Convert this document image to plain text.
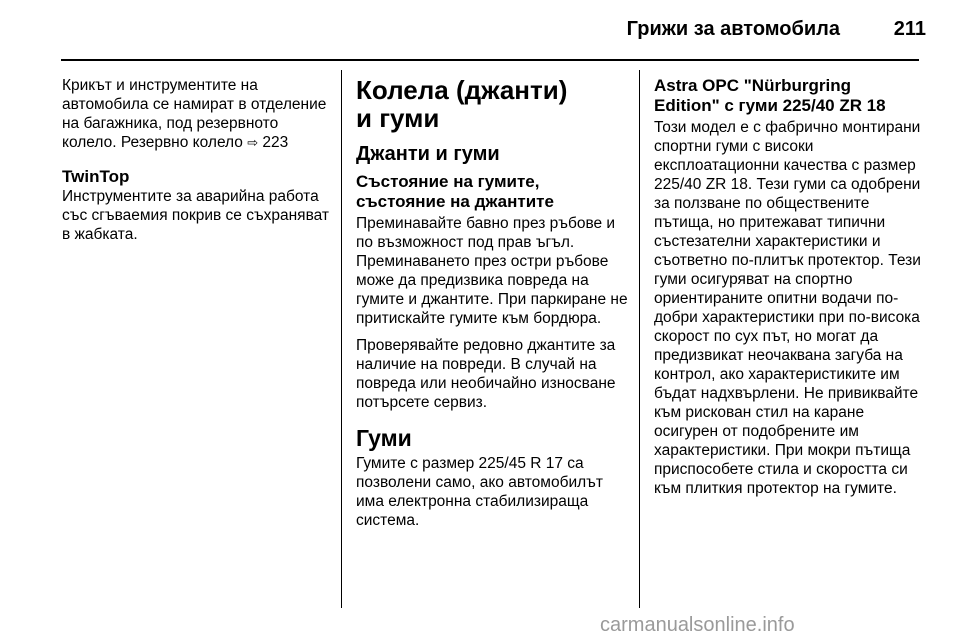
Грижи за автомобила	211

Крикът и инструментите на автомобила се намират в отделение на багажника, под резервното колело. Резервно колело ⇨ 223

TwinTop

Инструментите за аварийна работа със сгъваемия покрив се съхраняват в жабката.

Колела (джанти)
и гуми
Джанти и гуми
Състояние на гумите,
състояние на джантите

Преминавайте бавно през ръбове и по възможност под прав ъгъл. Преминаването през остри ръбове може да предизвика повреда на гумите и джантите. При паркиране не притискайте гумите към бордюра.

Проверявайте редовно джантите за наличие на повреди. В случай на повреда или необичайно износване потърсете сервиз.

Гуми

Гумите с размер 225/45 R 17 са позволени само, ако автомобилът има електронна стабилизираща система.

Astra OPC "Nürburgring
Edition" с гуми 225/40 ZR 18

Този модел е с фабрично монтирани спортни гуми с високи експлоатационни качества с размер 225/40 ZR 18. Тези гуми са одобрени за ползване по обществените пътища, но притежават типични състезателни характеристики и съответно по-плитък протектор. Тези гуми осигуряват на спортно ориентираните опитни водачи по-добри характеристики при по-висока скорост по сух път, но могат да предизвикат неочаквана загуба на контрол, ако характеристиките им бъдат надхвърлени. Не привиквайте към рискован стил на каране осигурен от подобрените им характеристики. При мокри пътища приспособете стила и скоростта си към плиткия протектор на гумите.

carmanualsonline.info
